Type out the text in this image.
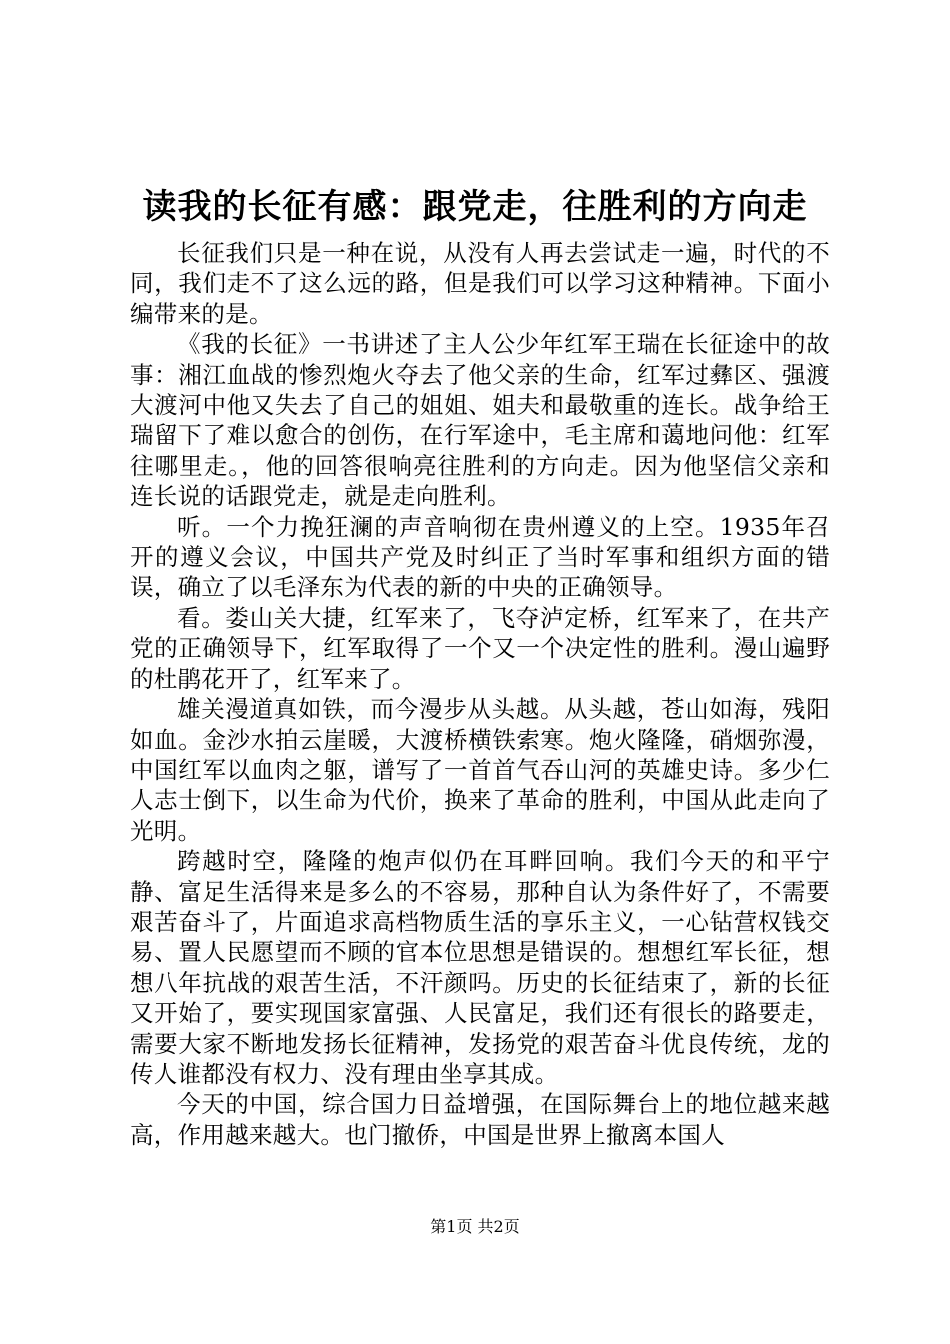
读我的长征有感：跟党走，往胜利的方向走

长征我们只是一种在说，从没有人再去尝试走一遍，时代的不同，我们走不了这么远的路，但是我们可以学习这种精神。下面小编带来的是。

《我的长征》一书讲述了主人公少年红军王瑞在长征途中的故事：湘江血战的惨烈炮火夺去了他父亲的生命，红军过彝区、强渡大渡河中他又失去了自己的姐姐、姐夫和最敬重的连长。战争给王瑞留下了难以愈合的创伤，在行军途中，毛主席和蔼地问他：红军往哪里走。，他的回答很响亮往胜利的方向走。因为他坚信父亲和连长说的话跟党走，就是走向胜利。

听。一个力挽狂澜的声音响彻在贵州遵义的上空。1935年召开的遵义会议，中国共产党及时纠正了当时军事和组织方面的错误，确立了以毛泽东为代表的新的中央的正确领导。

看。娄山关大捷，红军来了，飞夺泸定桥，红军来了，在共产党的正确领导下，红军取得了一个又一个决定性的胜利。漫山遍野的杜鹃花开了，红军来了。

雄关漫道真如铁，而今漫步从头越。从头越，苍山如海，残阳如血。金沙水拍云崖暖，大渡桥横铁索寒。炮火隆隆，硝烟弥漫，中国红军以血肉之躯，谱写了一首首气吞山河的英雄史诗。多少仁人志士倒下，以生命为代价，换来了革命的胜利，中国从此走向了光明。

跨越时空，隆隆的炮声似仍在耳畔回响。我们今天的和平宁静、富足生活得来是多么的不容易，那种自认为条件好了，不需要艰苦奋斗了，片面追求高档物质生活的享乐主义，一心钻营权钱交易、置人民愿望而不顾的官本位思想是错误的。想想红军长征，想想八年抗战的艰苦生活，不汗颜吗。历史的长征结束了，新的长征又开始了，要实现国家富强、人民富足，我们还有很长的路要走，需要大家不断地发扬长征精神，发扬党的艰苦奋斗优良传统，龙的传人谁都没有权力、没有理由坐享其成。

今天的中国，综合国力日益增强，在国际舞台上的地位越来越高，作用越来越大。也门撤侨，中国是世界上撤离本国人

第1页 共2页
